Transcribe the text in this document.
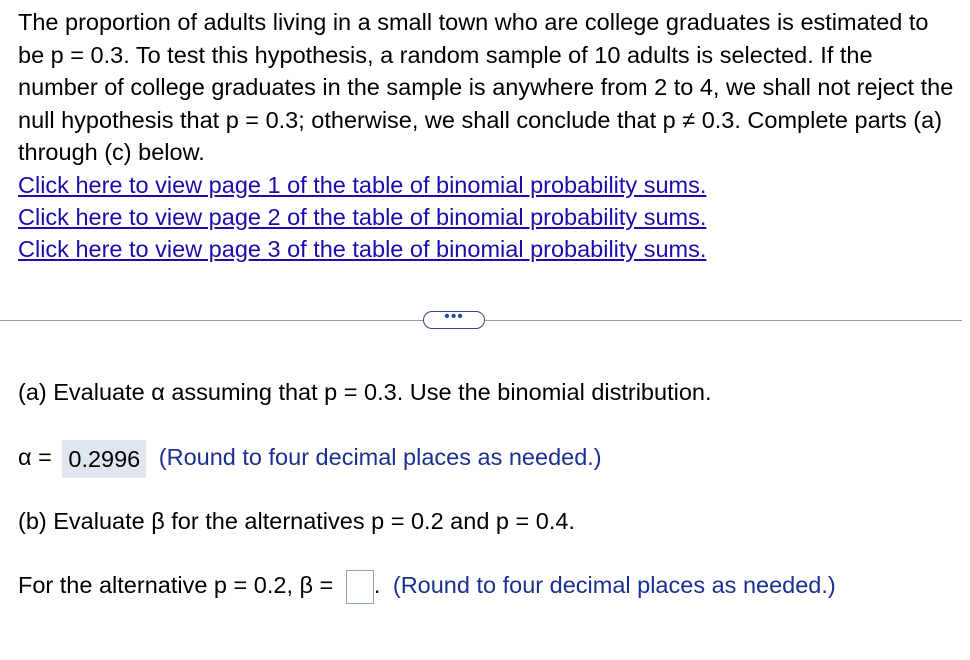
The proportion of adults living in a small town who are college graduates is estimated to be p = 0.3. To test this hypothesis, a random sample of 10 adults is selected. If the number of college graduates in the sample is anywhere from 2 to 4, we shall not reject the null hypothesis that p = 0.3; otherwise, we shall conclude that p ≠ 0.3. Complete parts (a) through (c) below.

Click here to view page 1 of the table of binomial probability sums.
Click here to view page 2 of the table of binomial probability sums.
Click here to view page 3 of the table of binomial probability sums.
•••
(a) Evaluate α assuming that p = 0.3. Use the binomial distribution.
α = 0.2996 (Round to four decimal places as needed.)
(b) Evaluate β for the alternatives p = 0.2 and p = 0.4.
For the alternative p = 0.2, β = . (Round to four decimal places as needed.)
